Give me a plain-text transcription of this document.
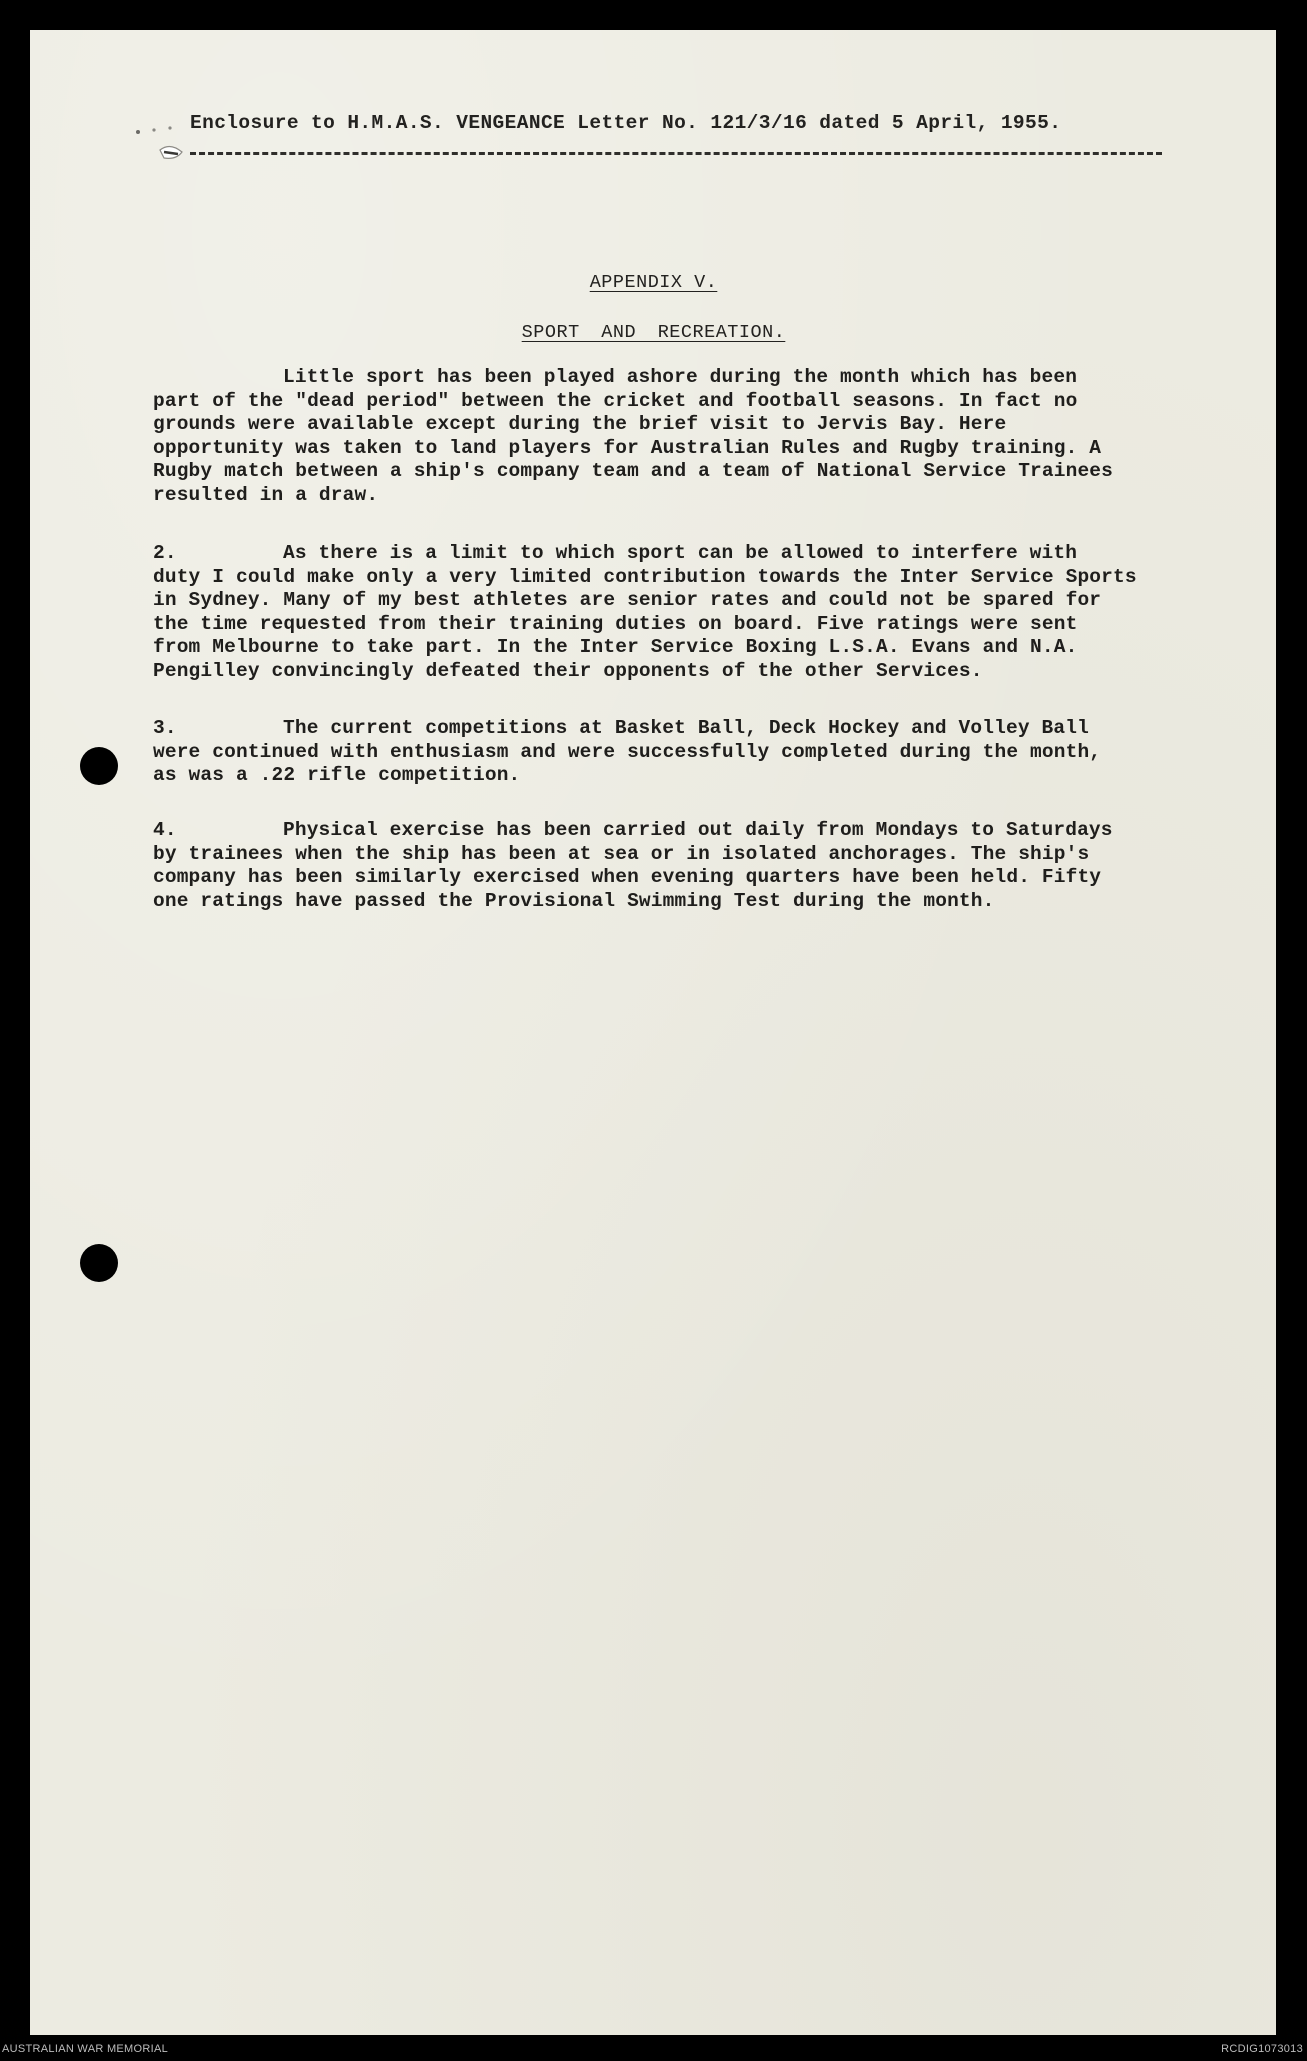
Enclosure to H.M.A.S. VENGEANCE Letter No. 121/3/16 dated 5 April, 1955.
APPENDIX V.
SPORT AND RECREATION.
Little sport has been played ashore during the month which has been
part of the "dead period" between the cricket and football seasons. In fact no
grounds were available except during the brief visit to Jervis Bay. Here
opportunity was taken to land players for Australian Rules and Rugby training. A
Rugby match between a ship's company team and a team of National Service Trainees
resulted in a draw.
2.	As there is a limit to which sport can be allowed to interfere with
duty I could make only a very limited contribution towards the Inter Service Sports
in Sydney. Many of my best athletes are senior rates and could not be spared for
the time requested from their training duties on board. Five ratings were sent
from Melbourne to take part. In the Inter Service Boxing L.S.A. Evans and N.A.
Pengilley convincingly defeated their opponents of the other Services.
3.	The current competitions at Basket Ball, Deck Hockey and Volley Ball
were continued with enthusiasm and were successfully completed during the month,
as was a .22 rifle competition.
4.	Physical exercise has been carried out daily from Mondays to Saturdays
by trainees when the ship has been at sea or in isolated anchorages. The ship's
company has been similarly exercised when evening quarters have been held. Fifty
one ratings have passed the Provisional Swimming Test during the month.
AUSTRALIAN WAR MEMORIAL	RCDIG1073013
